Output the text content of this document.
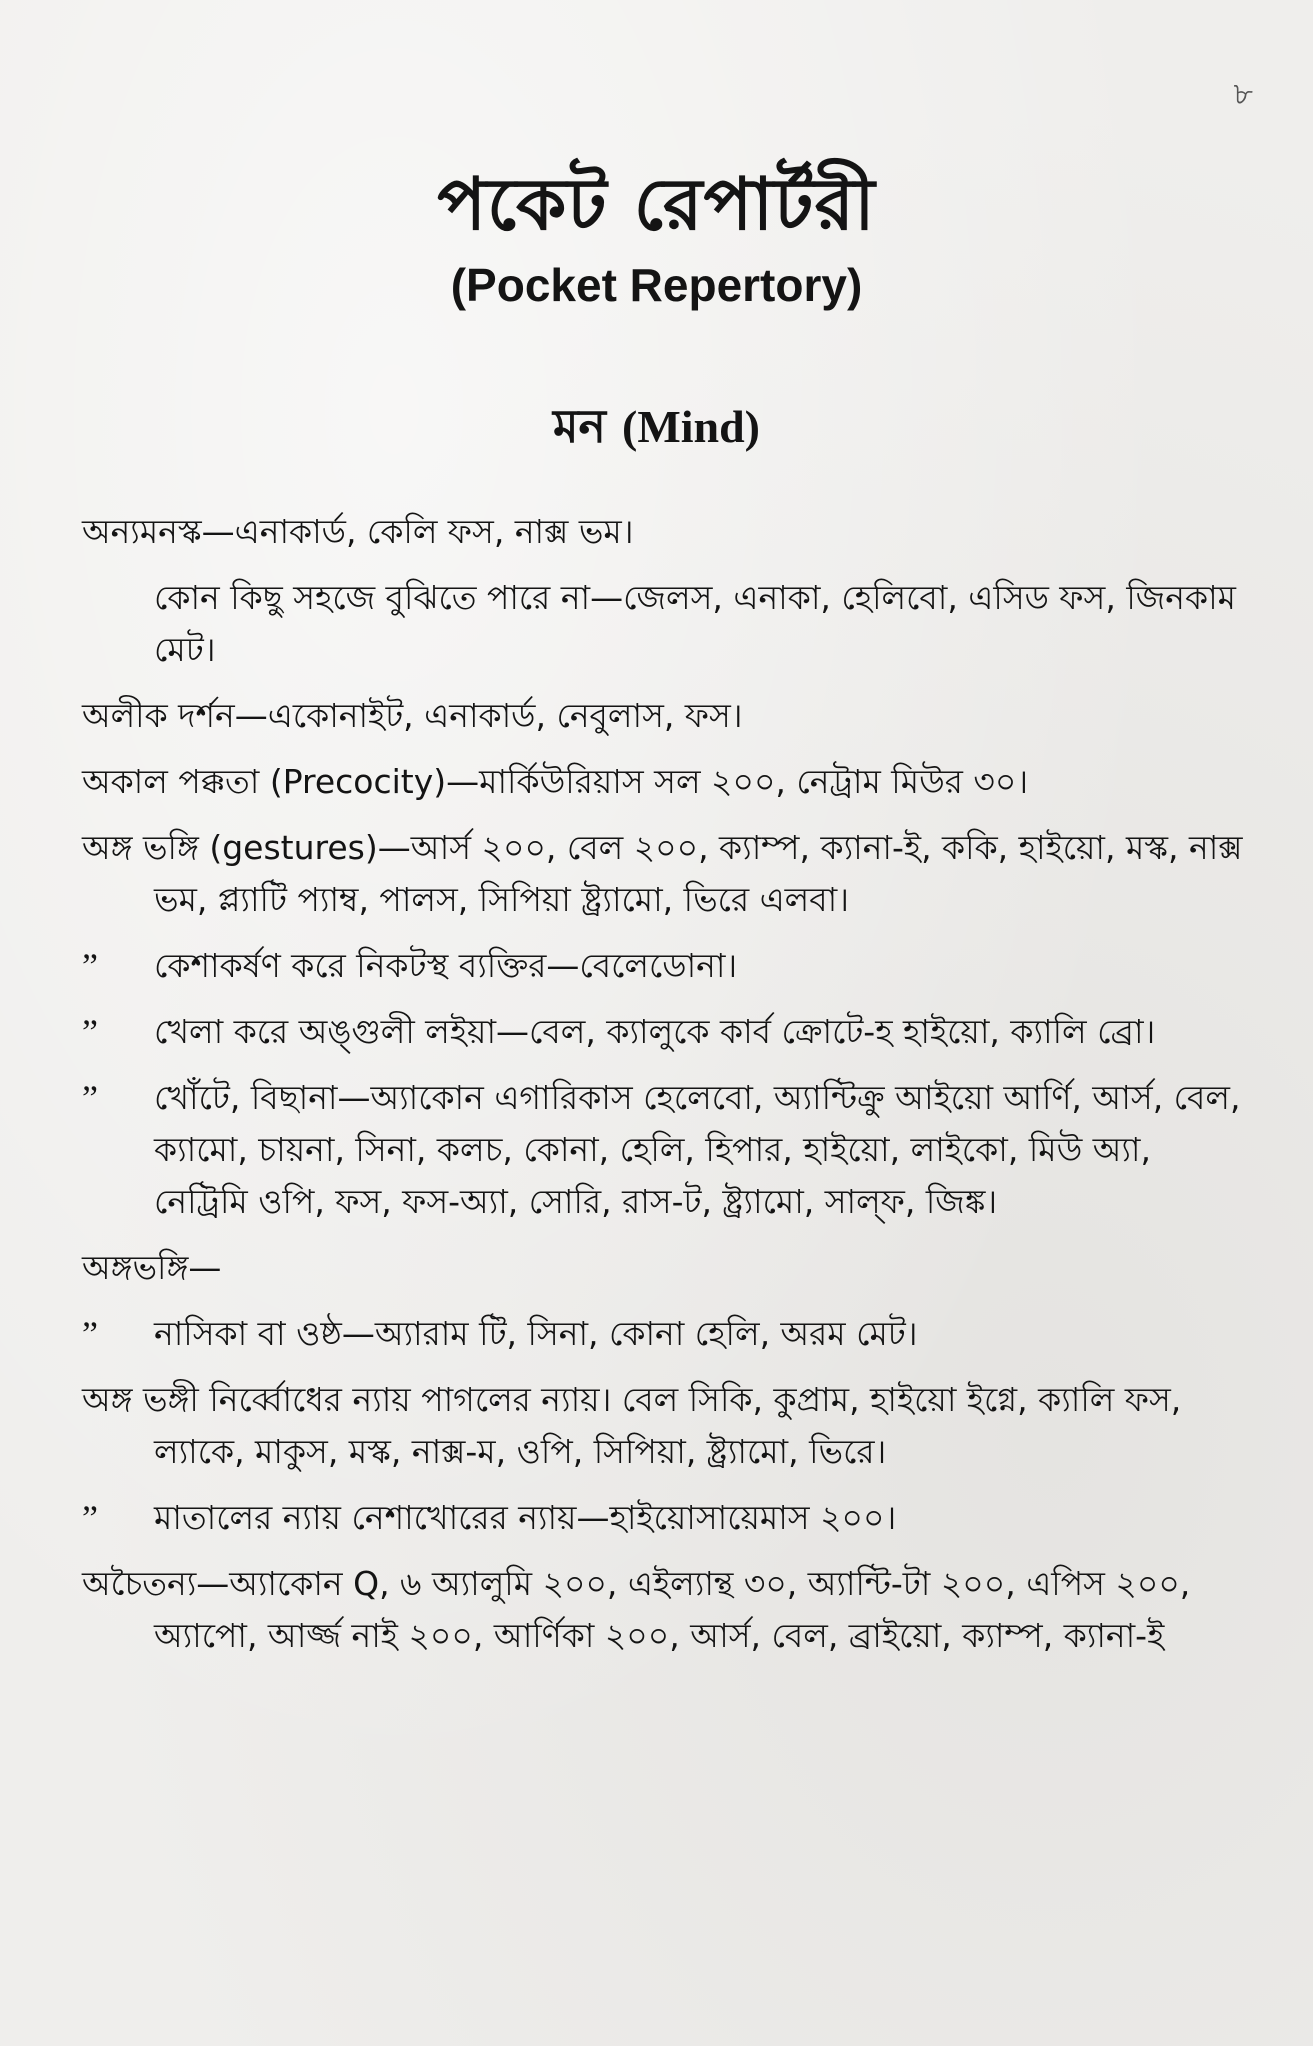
৮
পকেট রেপার্টরী
(Pocket Repertory)
মন (Mind)
অন্যমনস্ক—এনাকার্ড, কেলি ফস, নাক্স ভম।
কোন কিছু সহজে বুঝিতে পারে না—জেলস, এনাকা, হেলিবো, এসিড ফস, জিনকাম মেট।
অলীক দর্শন—একোনাইট, এনাকার্ড, নেবুলাস, ফস।
অকাল পক্কতা (Precocity)—মার্কিউরিয়াস সল ২০০, নেট্রাম মিউর ৩০।
অঙ্গ ভঙ্গি (gestures)—আর্স ২০০, বেল ২০০, ক্যাম্প, ক্যানা-ই, ককি, হাইয়ো, মস্ক, নাক্স ভম, প্ল্যাটি প্যাম্ব, পালস, সিপিয়া ষ্ট্র্যামো, ভিরে এলবা।
”	কেশাকর্ষণ করে নিকটস্থ ব্যক্তির—বেলেডোনা।
”	খেলা করে অঙ্গুলী লইয়া—বেল, ক্যালুকে কার্ব ক্রোটে-হ হাইয়ো, ক্যালি ব্রো।
”	খোঁটে, বিছানা—অ্যাকোন এগারিকাস হেলেবো, অ্যান্টিক্রু আইয়ো আর্ণি, আর্স, বেল, ক্যামো, চায়না, সিনা, কলচ, কোনা, হেলি, হিপার, হাইয়ো, লাইকো, মিউ অ্যা, নেট্রিমি ওপি, ফস, ফস-অ্যা, সোরি, রাস-ট, ষ্ট্র্যামো, সাল্‌ফ, জিঙ্ক।
অঙ্গভঙ্গি—
”	নাসিকা বা ওষ্ঠ—অ্যারাম টি, সিনা, কোনা হেলি, অরম মেট।
অঙ্গ ভঙ্গী নির্ব্বোধের ন্যায় পাগলের ন্যায়। বেল সিকি, কুপ্রাম, হাইয়ো ইগ্নে, ক্যালি ফস, ল্যাকে, মাকুস, মস্ক, নাক্স-ম, ওপি, সিপিয়া, ষ্ট্র্যামো, ভিরে।
”	মাতালের ন্যায় নেশাখোরের ন্যায়—হাইয়োসায়েমাস ২০০।
অচৈতন্য—অ্যাকোন Q, ৬ অ্যালুমি ২০০, এইল্যান্থ ৩০, অ্যান্টি-টা ২০০, এপিস ২০০, অ্যাপো, আর্জ্জ নাই ২০০, আর্ণিকা ২০০, আর্স, বেল, ব্রাইয়ো, ক্যাম্প, ক্যানা-ই
